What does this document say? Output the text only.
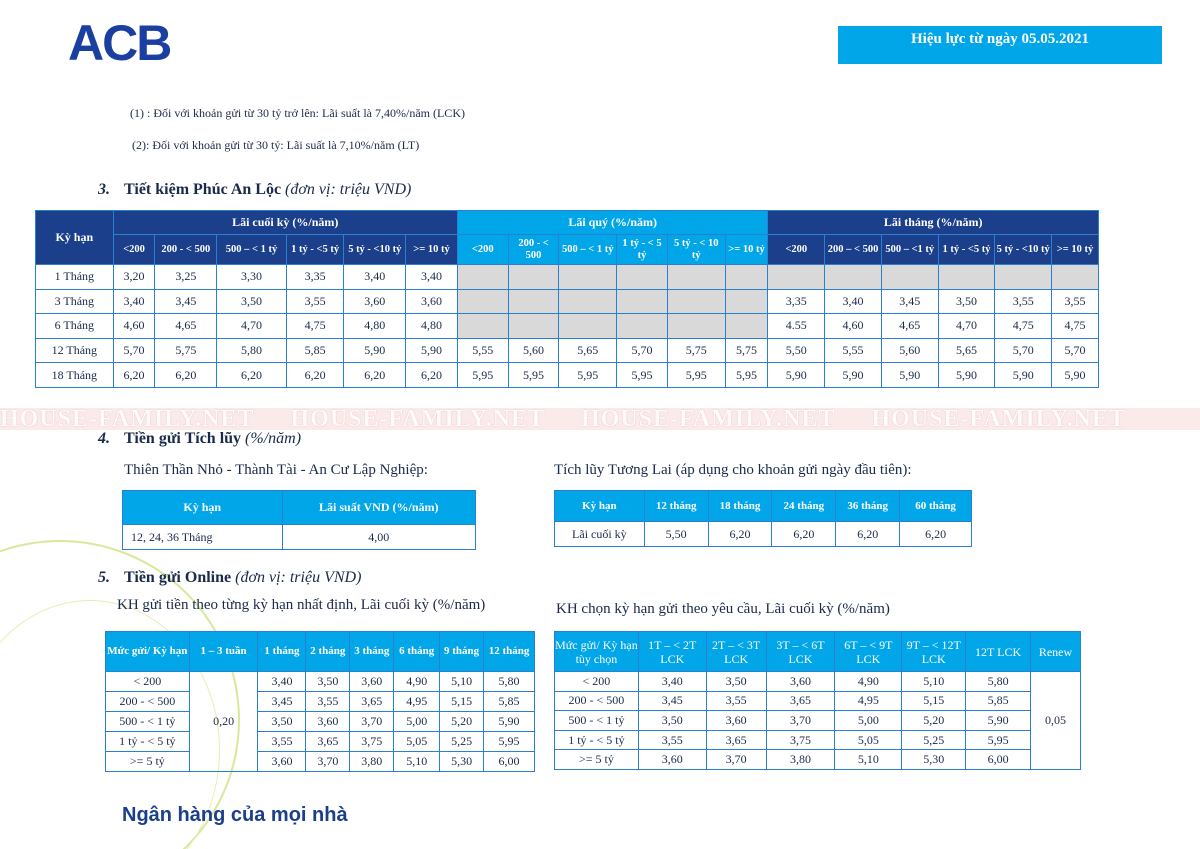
ACB	Hiệu lực từ ngày 05.05.2021
(1) : Đối với khoản gửi từ 30 tỷ trở lên: Lãi suất là 7,40%/năm (LCK)
(2): Đối với khoản gửi từ 30 tỷ: Lãi suất là 7,10%/năm (LT)
3. Tiết kiệm Phúc An Lộc (đơn vị: triệu VND)
Kỳ hạn	Lãi cuối kỳ (%/năm)						Lãi quý (%/năm)						Lãi tháng (%/năm)					
	<200	200 - < 500	500 – < 1 tỷ	1 tỷ - <5 tỷ	5 tỷ - <10 tỷ	>= 10 tỷ	<200	200 - < 500	500 – < 1 tỷ	1 tỷ - < 5 tỷ	5 tỷ - < 10 tỷ	>= 10 tỷ	<200	200 – < 500	500 – <1 tỷ	1 tỷ - <5 tỷ	5 tỷ - <10 tỷ	>= 10 tỷ
1 Tháng	3,20	3,25	3,30	3,35	3,40	3,40												
3 Tháng	3,40	3,45	3,50	3,55	3,60	3,60							3,35	3,40	3,45	3,50	3,55	3,55
6 Tháng	4,60	4,65	4,70	4,75	4,80	4,80							4.55	4,60	4,65	4,70	4,75	4,75
12 Tháng	5,70	5,75	5,80	5,85	5,90	5,90	5,55	5,60	5,65	5,70	5,75	5,75	5,50	5,55	5,60	5,65	5,70	5,70
18 Tháng	6,20	6,20	6,20	6,20	6,20	6,20	5,95	5,95	5,95	5,95	5,95	5,95	5,90	5,90	5,90	5,90	5,90	5,90
HOUSE-FAMILY.NET HOUSE-FAMILY.NET HOUSE-FAMILY.NET HOUSE-FAMILY.NET
4. Tiền gửi Tích lũy (%/năm)
Thiên Thần Nhỏ - Thành Tài - An Cư Lập Nghiệp:	Tích lũy Tương Lai (áp dụng cho khoản gửi ngày đầu tiên):
Kỳ hạn	Lãi suất VND (%/năm)
12, 24, 36 Tháng	4,00
Kỳ hạn	12 tháng	18 tháng	24 tháng	36 tháng	60 tháng
Lãi cuối kỳ	5,50	6,20	6,20	6,20	6,20
5. Tiền gửi Online (đơn vị: triệu VND)
KH gửi tiền theo từng kỳ hạn nhất định, Lãi cuối kỳ (%/năm)	KH chọn kỳ hạn gửi theo yêu cầu, Lãi cuối kỳ (%/năm)
Mức gửi/ Kỳ hạn	1 – 3 tuần	1 tháng	2 tháng	3 tháng	6 tháng	9 tháng	12 tháng
< 200	0,20	3,40	3,50	3,60	4,90	5,10	5,80
200 - < 500		3,45	3,55	3,65	4,95	5,15	5,85
500 - < 1 tỷ		3,50	3,60	3,70	5,00	5,20	5,90
1 tỷ - < 5 tỷ		3,55	3,65	3,75	5,05	5,25	5,95
>= 5 tỷ		3,60	3,70	3,80	5,10	5,30	6,00
Mức gửi/ Kỳ hạn tùy chọn	1T – < 2T LCK	2T – < 3T LCK	3T – < 6T LCK	6T – < 9T LCK	9T – < 12T LCK	12T LCK	Renew
< 200	3,40	3,50	3,60	4,90	5,10	5,80	0,05
200 - < 500	3,45	3,55	3,65	4,95	5,15	5,85	
500 - < 1 tỷ	3,50	3,60	3,70	5,00	5,20	5,90	
1 tỷ - < 5 tỷ	3,55	3,65	3,75	5,05	5,25	5,95	
>= 5 tỷ	3,60	3,70	3,80	5,10	5,30	6,00	
Ngân hàng của mọi nhà
